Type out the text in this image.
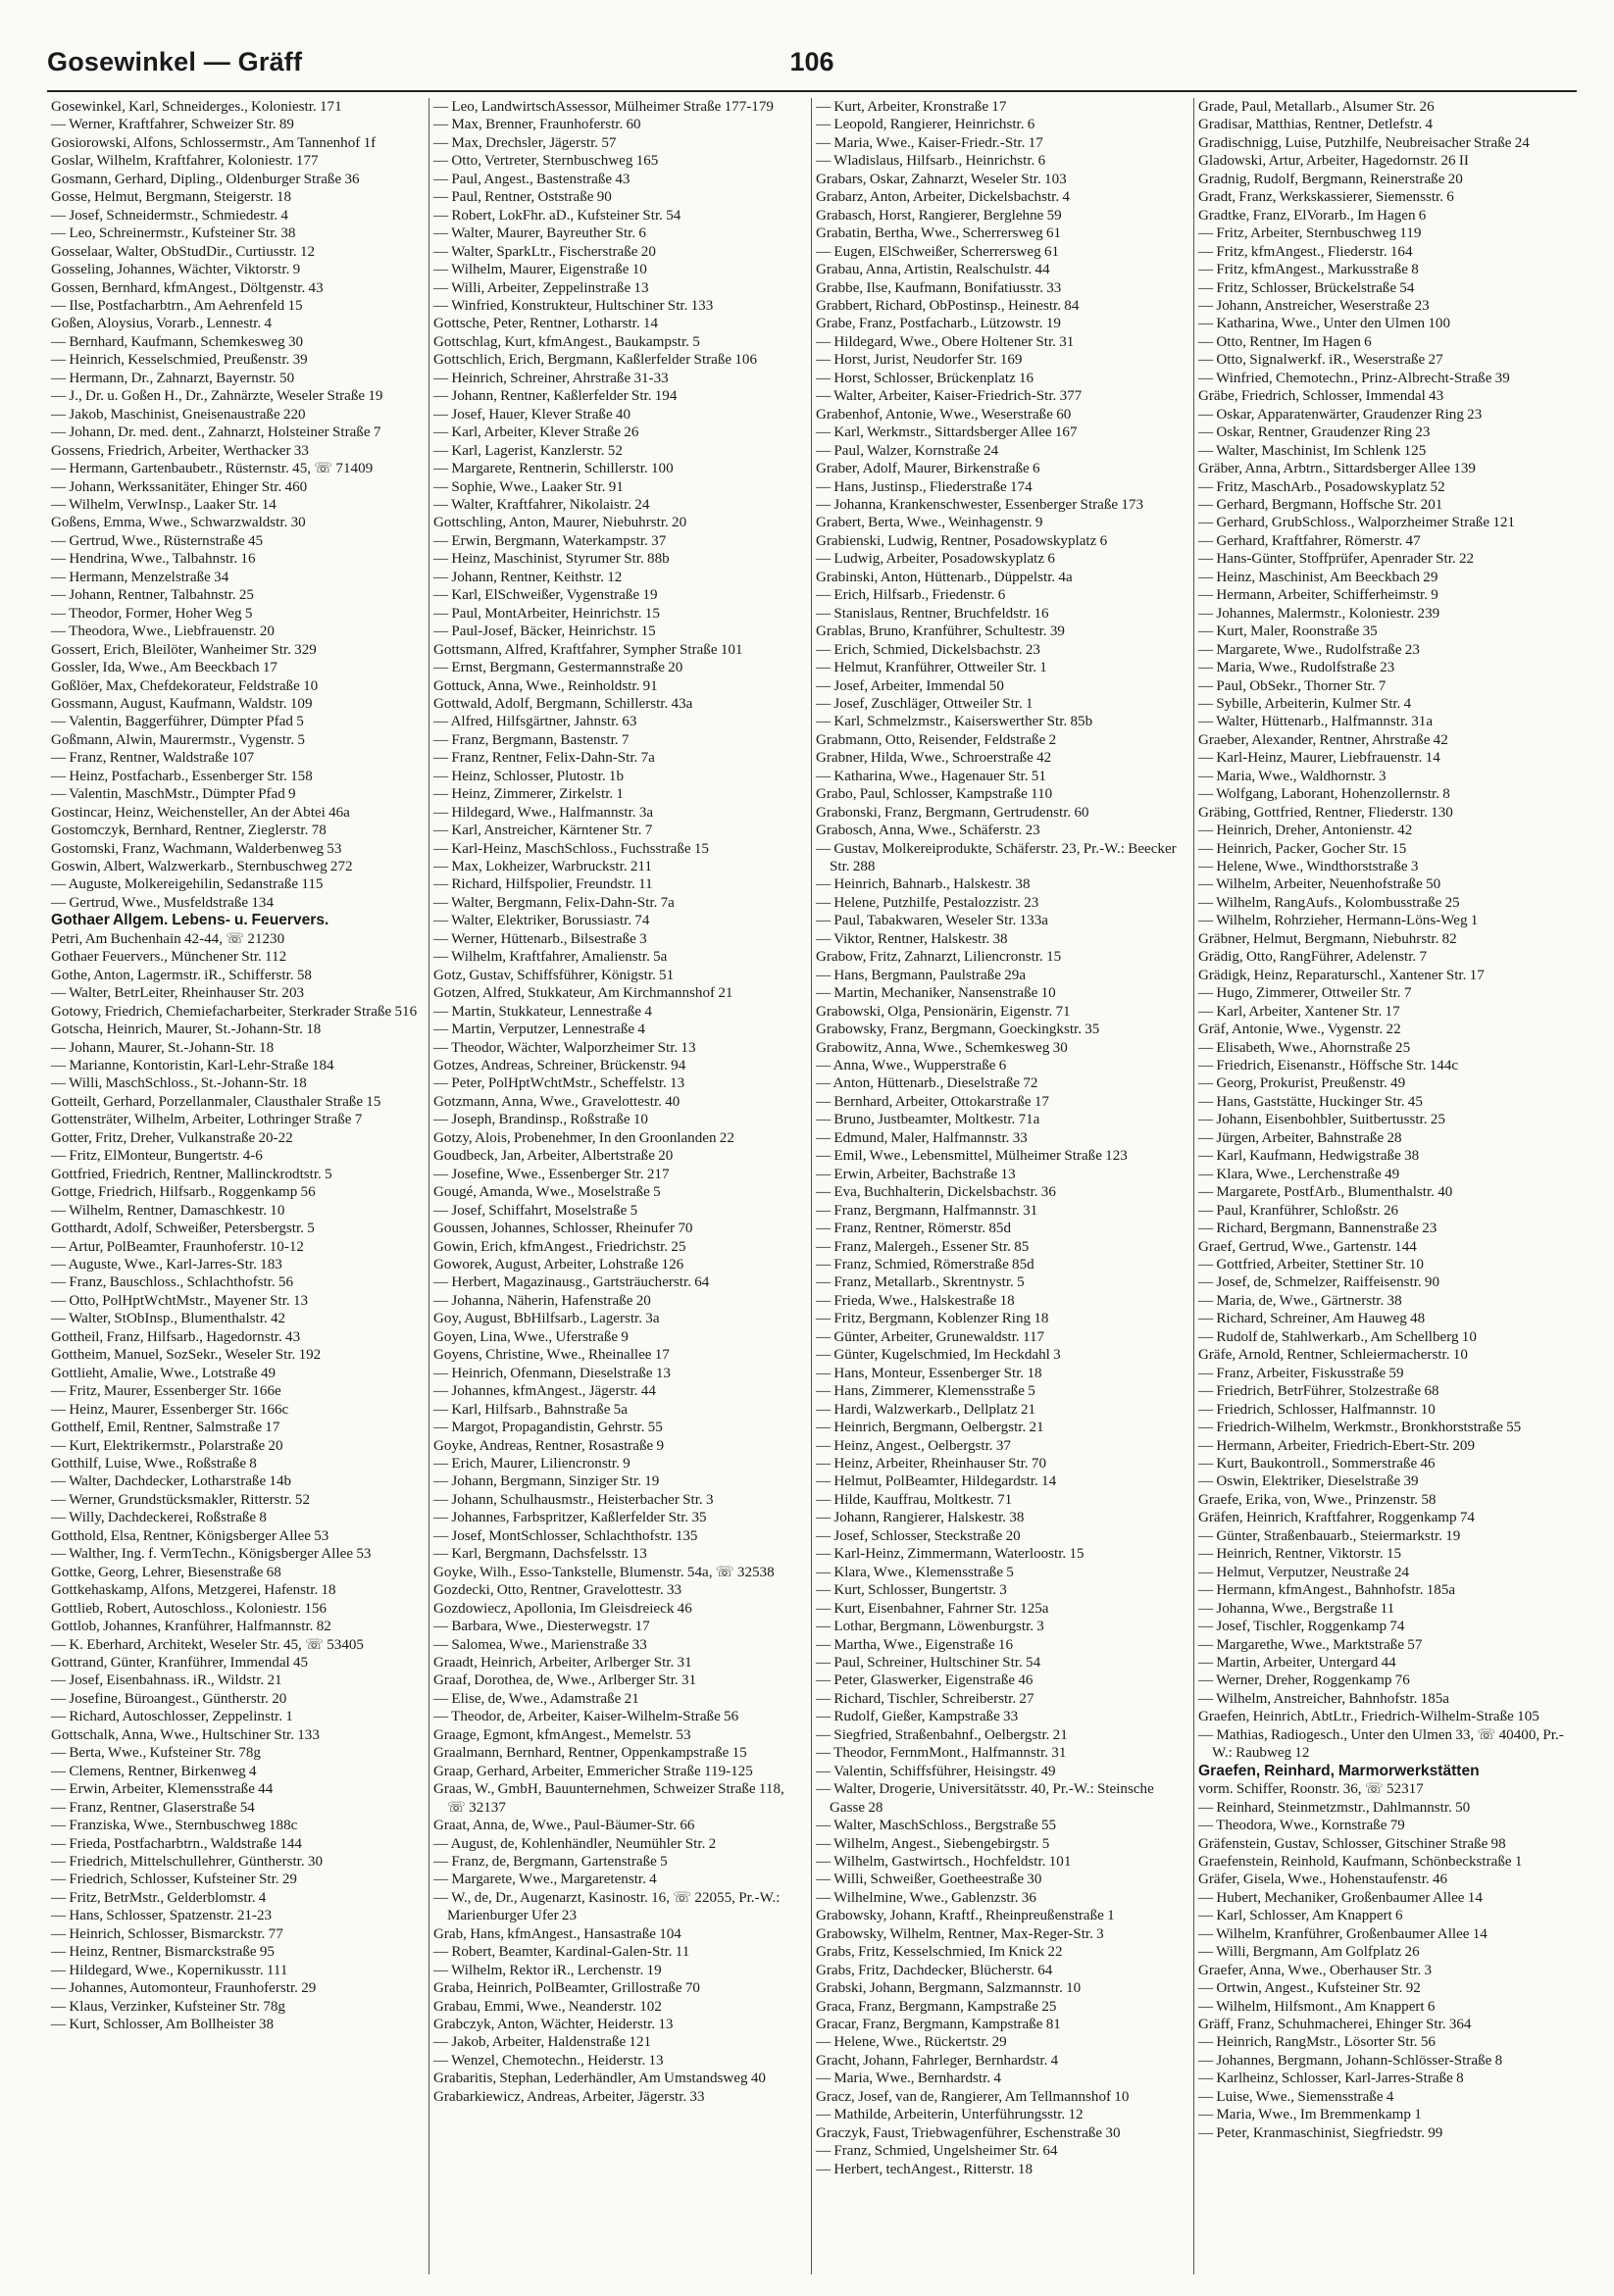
106
Gosewinkel — Gräff
Gosewinkel, Karl, Schneiderges., Koloniestr. 171
— Werner, Kraftfahrer, Schweizer Str. 89
Gosiorowski, Alfons, Schlossermstr., Am Tannenhof 1f
Goslar, Wilhelm, Kraftfahrer, Koloniestr. 177
Gosmann, Gerhard, Dipling., Oldenburger Straße 36
Gosse, Helmut, Bergmann, Steigerstr. 18
— Josef, Schneidermstr., Schmiedestr. 4
— Leo, Schreinermstr., Kufsteiner Str. 38
Gosselaar, Walter, ObStudDir., Curtiusstr. 12
Gosseling, Johannes, Wächter, Viktorstr. 9
Gossen, Bernhard, kfmAngest., Döltgenstr. 43
— Ilse, Postfacharbtrn., Am Aehrenfeld 15
Goßen, Aloysius, Vorarb., Lennestr. 4
— Bernhard, Kaufmann, Schemkesweg 30
— Heinrich, Kesselschmied, Preußenstr. 39
— Hermann, Dr., Zahnarzt, Bayernstr. 50
— J., Dr. u. Goßen H., Dr., Zahnärzte, Weseler Straße 19
— Jakob, Maschinist, Gneisenaustraße 220
— Johann, Dr. med. dent., Zahnarzt, Holsteiner Straße 7
Gossens, Friedrich, Arbeiter, Werthacker 33
— Hermann, Gartenbaubetr., Rüsternstr. 45, ☏ 71409
— Johann, Werkssanitäter, Ehinger Str. 460
— Wilhelm, VerwInsp., Laaker Str. 14
Goßens, Emma, Wwe., Schwarzwaldstr. 30
— Gertrud, Wwe., Rüsternstraße 45
— Hendrina, Wwe., Talbahnstr. 16
— Hermann, Menzelstraße 34
— Johann, Rentner, Talbahnstr. 25
— Theodor, Former, Hoher Weg 5
— Theodora, Wwe., Liebfrauenstr. 20
Gossert, Erich, Bleilöter, Wanheimer Str. 329
Gossler, Ida, Wwe., Am Beeckbach 17
Goßlöer, Max, Chefdekorateur, Feldstraße 10
Gossmann, August, Kaufmann, Waldstr. 109
— Valentin, Baggerführer, Dümpter Pfad 5
Goßmann, Alwin, Maurermstr., Vygenstr. 5
— Franz, Rentner, Waldstraße 107
— Heinz, Postfacharb., Essenberger Str. 158
— Valentin, MaschMstr., Dümpter Pfad 9
Gostincar, Heinz, Weichensteller, An der Abtei 46a
Gostomczyk, Bernhard, Rentner, Zieglerstr. 78
Gostomski, Franz, Wachmann, Walderbenweg 53
Goswin, Albert, Walzwerkarb., Sternbuschweg 272
— Auguste, Molkereigehilin, Sedanstraße 115
— Gertrud, Wwe., Musfeldstraße 134
Gothaer Allgem. Lebens- u. Feuervers.
Petri, Am Buchenhain 42-44, ☏ 21230
Gothaer Feuervers., Münchener Str. 112
Gothe, Anton, Lagermstr. iR., Schifferstr. 58
— Walter, BetrLeiter, Rheinhauser Str. 203
Gotowy, Friedrich, Chemiefacharbeiter, Sterkrader Straße 516
Gotscha, Heinrich, Maurer, St.-Johann-Str. 18
— Johann, Maurer, St.-Johann-Str. 18
— Marianne, Kontoristin, Karl-Lehr-Straße 184
— Willi, MaschSchloss., St.-Johann-Str. 18
Gotteilt, Gerhard, Porzellanmaler, Clausthaler Straße 15
Gottensträter, Wilhelm, Arbeiter, Lothringer Straße 7
Gotter, Fritz, Dreher, Vulkanstraße 20-22
— Fritz, ElMonteur, Bungertstr. 4-6
Gottfried, Friedrich, Rentner, Mallinckrodtstr. 5
Gottge, Friedrich, Hilfsarb., Roggenkamp 56
— Wilhelm, Rentner, Damaschkestr. 10
Gotthardt, Adolf, Schweißer, Petersbergstr. 5
— Artur, PolBeamter, Fraunhoferstr. 10-12
— Auguste, Wwe., Karl-Jarres-Str. 183
— Franz, Bauschloss., Schlachthofstr. 56
— Otto, PolHptWchtMstr., Mayener Str. 13
— Walter, StObInsp., Blumenthalstr. 42
Gottheil, Franz, Hilfsarb., Hagedornstr. 43
Gottheim, Manuel, SozSekr., Weseler Str. 192
Gottlieht, Amalie, Wwe., Lotstraße 49
— Fritz, Maurer, Essenberger Str. 166e
— Heinz, Maurer, Essenberger Str. 166c
Gotthelf, Emil, Rentner, Salmstraße 17
— Kurt, Elektrikermstr., Polarstraße 20
Gotthilf, Luise, Wwe., Roßstraße 8
— Walter, Dachdecker, Lotharstraße 14b
— Werner, Grundstücksmakler, Ritterstr. 52
— Willy, Dachdeckerei, Roßstraße 8
Gotthold, Elsa, Rentner, Königsberger Allee 53
— Walther, Ing. f. VermTechn., Königsberger Allee 53
Gottke, Georg, Lehrer, Biesenstraße 68
Gottkehaskamp, Alfons, Metzgerei, Hafenstr. 18
Gottlieb, Robert, Autoschloss., Koloniestr. 156
Gottlob, Johannes, Kranführer, Halfmannstr. 82
— K. Eberhard, Architekt, Weseler Str. 45, ☏ 53405
Gottrand, Günter, Kranführer, Immendal 45
— Josef, Eisenbahnass. iR., Wildstr. 21
— Josefine, Büroangest., Güntherstr. 20
— Richard, Autoschlosser, Zeppelinstr. 1
Gottschalk, Anna, Wwe., Hultschiner Str. 133
— Berta, Wwe., Kufsteiner Str. 78g
— Clemens, Rentner, Birkenweg 4
— Erwin, Arbeiter, Klemensstraße 44
— Franz, Rentner, Glaserstraße 54
— Franziska, Wwe., Sternbuschweg 188c
— Frieda, Postfacharbtrn., Waldstraße 144
— Friedrich, Mittelschullehrer, Güntherstr. 30
— Friedrich, Schlosser, Kufsteiner Str. 29
— Fritz, BetrMstr., Gelderblomstr. 4
— Hans, Schlosser, Spatzenstr. 21-23
— Heinrich, Schlosser, Bismarckstr. 77
— Heinz, Rentner, Bismarckstraße 95
— Hildegard, Wwe., Kopernikusstr. 111
— Johannes, Automonteur, Fraunhoferstr. 29
— Klaus, Verzinker, Kufsteiner Str. 78g
— Kurt, Schlosser, Am Bollheister 38
— Leo, LandwirtschAssessor, Mülheimer Straße 177-179
— Max, Brenner, Fraunhoferstr. 60
— Max, Drechsler, Jägerstr. 57
— Otto, Vertreter, Sternbuschweg 165
— Paul, Angest., Bastenstraße 43
— Paul, Rentner, Oststraße 90
— Robert, LokFhr. aD., Kufsteiner Str. 54
— Walter, Maurer, Bayreuther Str. 6
— Walter, SparkLtr., Fischerstraße 20
— Wilhelm, Maurer, Eigenstraße 10
— Willi, Arbeiter, Zeppelinstraße 13
— Winfried, Konstrukteur, Hultschiner Str. 133
Gottsche, Peter, Rentner, Lotharstr. 14
Gottschlag, Kurt, kfmAngest., Baukampstr. 5
Gottschlich, Erich, Bergmann, Kaßlerfelder Straße 106
— Heinrich, Schreiner, Ahrstraße 31-33
— Johann, Rentner, Kaßlerfelder Str. 194
— Josef, Hauer, Klever Straße 40
— Karl, Arbeiter, Klever Straße 26
— Karl, Lagerist, Kanzlerstr. 52
— Margarete, Rentnerin, Schillerstr. 100
— Sophie, Wwe., Laaker Str. 91
— Walter, Kraftfahrer, Nikolaistr. 24
Gottschling, Anton, Maurer, Niebuhrstr. 20
— Erwin, Bergmann, Waterkampstr. 37
— Heinz, Maschinist, Styrumer Str. 88b
— Johann, Rentner, Keithstr. 12
— Karl, ElSchweißer, Vygenstraße 19
— Paul, MontArbeiter, Heinrichstr. 15
— Paul-Josef, Bäcker, Heinrichstr. 15
Gottsmann, Alfred, Kraftfahrer, Sympher Straße 101
— Ernst, Bergmann, Gestermannstraße 20
Gottuck, Anna, Wwe., Reinholdstr. 91
Gottwald, Adolf, Bergmann, Schillerstr. 43a
— Alfred, Hilfsgärtner, Jahnstr. 63
— Franz, Bergmann, Bastenstr. 7
— Franz, Rentner, Felix-Dahn-Str. 7a
— Heinz, Schlosser, Plutostr. 1b
— Heinz, Zimmerer, Zirkelstr. 1
— Hildegard, Wwe., Halfmannstr. 3a
— Karl, Anstreicher, Kärntener Str. 7
— Karl-Heinz, MaschSchloss., Fuchsstraße 15
— Max, Lokheizer, Warbruckstr. 211
— Richard, Hilfspolier, Freundstr. 11
— Walter, Bergmann, Felix-Dahn-Str. 7a
— Walter, Elektriker, Borussiastr. 74
— Werner, Hüttenarb., Bilsestraße 3
— Wilhelm, Kraftfahrer, Amalienstr. 5a
Gotz, Gustav, Schiffsführer, Königstr. 51
Gotzen, Alfred, Stukkateur, Am Kirchmannshof 21
— Martin, Stukkateur, Lennestraße 4
— Martin, Verputzer, Lennestraße 4
— Theodor, Wächter, Walporzheimer Str. 13
Gotzes, Andreas, Schreiner, Brückenstr. 94
— Peter, PolHptWchtMstr., Scheffelstr. 13
Gotzmann, Anna, Wwe., Gravelottestr. 40
— Joseph, Brandinsp., Roßstraße 10
Gotzy, Alois, Probenehmer, In den Groonlanden 22
Goudbeck, Jan, Arbeiter, Albertstraße 20
— Josefine, Wwe., Essenberger Str. 217
Gougé, Amanda, Wwe., Moselstraße 5
— Josef, Schiffahrt, Moselstraße 5
Goussen, Johannes, Schlosser, Rheinufer 70
Gowin, Erich, kfmAngest., Friedrichstr. 25
Goworek, August, Arbeiter, Lohstraße 126
— Herbert, Magazinausg., Gartsträucherstr. 64
— Johanna, Näherin, Hafenstraße 20
Goy, August, BbHilfsarb., Lagerstr. 3a
Goyen, Lina, Wwe., Uferstraße 9
Goyens, Christine, Wwe., Rheinallee 17
— Heinrich, Ofenmann, Dieselstraße 13
— Johannes, kfmAngest., Jägerstr. 44
— Karl, Hilfsarb., Bahnstraße 5a
— Margot, Propagandistin, Gehrstr. 55
Goyke, Andreas, Rentner, Rosastraße 9
— Erich, Maurer, Liliencronstr. 9
— Johann, Bergmann, Sinziger Str. 19
— Johann, Schulhausmstr., Heisterbacher Str. 3
— Johannes, Farbspritzer, Kaßlerfelder Str. 35
— Josef, MontSchlosser, Schlachthofstr. 135
— Karl, Bergmann, Dachsfelsstr. 13
Goyke, Wilh., Esso-Tankstelle, Blumenstr. 54a, ☏ 32538
Gozdecki, Otto, Rentner, Gravelottestr. 33
Gozdowiecz, Apollonia, Im Gleisdreieck 46
— Barbara, Wwe., Diesterwegstr. 17
— Salomea, Wwe., Marienstraße 33
Graadt, Heinrich, Arbeiter, Arlberger Str. 31
Graaf, Dorothea, de, Wwe., Arlberger Str. 31
— Elise, de, Wwe., Adamstraße 21
— Theodor, de, Arbeiter, Kaiser-Wilhelm-Straße 56
Graage, Egmont, kfmAngest., Memelstr. 53
Graalmann, Bernhard, Rentner, Oppenkampstraße 15
Graap, Gerhard, Arbeiter, Emmericher Straße 119-125
Graas, W., GmbH, Bauunternehmen, Schweizer Straße 118, ☏ 32137
Graat, Anna, de, Wwe., Paul-Bäumer-Str. 66
— August, de, Kohlenhändler, Neumühler Str. 2
— Franz, de, Bergmann, Gartenstraße 5
— Margarete, Wwe., Margaretenstr. 4
— W., de, Dr., Augenarzt, Kasinostr. 16, ☏ 22055, Pr.-W.: Marienburger Ufer 23
Grab, Hans, kfmAngest., Hansastraße 104
— Robert, Beamter, Kardinal-Galen-Str. 11
— Wilhelm, Rektor iR., Lerchenstr. 19
Graba, Heinrich, PolBeamter, Grillostraße 70
Grabau, Emmi, Wwe., Neanderstr. 102
Grabczyk, Anton, Wächter, Heiderstr. 13
— Jakob, Arbeiter, Haldenstraße 121
— Wenzel, Chemotechn., Heiderstr. 13
Grabaritis, Stephan, Lederhändler, Am Umstandsweg 40
Grabarkiewicz, Andreas, Arbeiter, Jägerstr. 33
— Kurt, Arbeiter, Kronstraße 17
— Leopold, Rangierer, Heinrichstr. 6
— Maria, Wwe., Kaiser-Friedr.-Str. 17
— Wladislaus, Hilfsarb., Heinrichstr. 6
Grabars, Oskar, Zahnarzt, Weseler Str. 103
Grabarz, Anton, Arbeiter, Dickelsbachstr. 4
Grabasch, Horst, Rangierer, Berglehne 59
Grabatin, Bertha, Wwe., Scherrersweg 61
— Eugen, ElSchweißer, Scherrersweg 61
Grabau, Anna, Artistin, Realschulstr. 44
Grabbe, Ilse, Kaufmann, Bonifatiusstr. 33
Grabbert, Richard, ObPostinsp., Heinestr. 84
Grabe, Franz, Postfacharb., Lützowstr. 19
— Hildegard, Wwe., Obere Holtener Str. 31
— Horst, Jurist, Neudorfer Str. 169
— Horst, Schlosser, Brückenplatz 16
— Walter, Arbeiter, Kaiser-Friedrich-Str. 377
Grabenhof, Antonie, Wwe., Weserstraße 60
— Karl, Werkmstr., Sittardsberger Allee 167
— Paul, Walzer, Kornstraße 24
Graber, Adolf, Maurer, Birkenstraße 6
— Hans, Justinsp., Fliederstraße 174
— Johanna, Krankenschwester, Essenberger Straße 173
Grabert, Berta, Wwe., Weinhagenstr. 9
Grabienski, Ludwig, Rentner, Posadowskyplatz 6
— Ludwig, Arbeiter, Posadowskyplatz 6
Grabinski, Anton, Hüttenarb., Düppelstr. 4a
— Erich, Hilfsarb., Friedenstr. 6
— Stanislaus, Rentner, Bruchfeldstr. 16
Grablas, Bruno, Kranführer, Schultestr. 39
— Erich, Schmied, Dickelsbachstr. 23
— Helmut, Kranführer, Ottweiler Str. 1
— Josef, Arbeiter, Immendal 50
— Josef, Zuschläger, Ottweiler Str. 1
— Karl, Schmelzmstr., Kaiserswerther Str. 85b
Grabmann, Otto, Reisender, Feldstraße 2
Grabner, Hilda, Wwe., Schroerstraße 42
— Katharina, Wwe., Hagenauer Str. 51
Grabo, Paul, Schlosser, Kampstraße 110
Grabonski, Franz, Bergmann, Gertrudenstr. 60
Grabosch, Anna, Wwe., Schäferstr. 23
— Gustav, Molkereiprodukte, Schäferstr. 23, Pr.-W.: Beecker Str. 288
— Heinrich, Bahnarb., Halskestr. 38
— Helene, Putzhilfe, Pestalozzistr. 23
— Paul, Tabakwaren, Weseler Str. 133a
— Viktor, Rentner, Halskestr. 38
Grabow, Fritz, Zahnarzt, Liliencronstr. 15
— Hans, Bergmann, Paulstraße 29a
— Martin, Mechaniker, Nansenstraße 10
Grabowski, Olga, Pensionärin, Eigenstr. 71
Grabowsky, Franz, Bergmann, Goeckingkstr. 35
Grabowitz, Anna, Wwe., Schemkesweg 30
— Anna, Wwe., Wupperstraße 6
— Anton, Hüttenarb., Dieselstraße 72
— Bernhard, Arbeiter, Ottokarstraße 17
— Bruno, Justbeamter, Moltkestr. 71a
— Edmund, Maler, Halfmannstr. 33
— Emil, Wwe., Lebensmittel, Mülheimer Straße 123
— Erwin, Arbeiter, Bachstraße 13
— Eva, Buchhalterin, Dickelsbachstr. 36
— Franz, Bergmann, Halfmannstr. 31
— Franz, Rentner, Römerstr. 85d
— Franz, Malergeh., Essener Str. 85
— Franz, Schmied, Römerstraße 85d
— Franz, Metallarb., Skrentnystr. 5
— Frieda, Wwe., Halskestraße 18
— Fritz, Bergmann, Koblenzer Ring 18
— Günter, Arbeiter, Grunewaldstr. 117
— Günter, Kugelschmied, Im Heckdahl 3
— Hans, Monteur, Essenberger Str. 18
— Hans, Zimmerer, Klemensstraße 5
— Hardi, Walzwerkarb., Dellplatz 21
— Heinrich, Bergmann, Oelbergstr. 21
— Heinz, Angest., Oelbergstr. 37
— Heinz, Arbeiter, Rheinhauser Str. 70
— Helmut, PolBeamter, Hildegardstr. 14
— Hilde, Kauffrau, Moltkestr. 71
— Johann, Rangierer, Halskestr. 38
— Josef, Schlosser, Steckstraße 20
— Karl-Heinz, Zimmermann, Waterloostr. 15
— Klara, Wwe., Klemensstraße 5
— Kurt, Schlosser, Bungertstr. 3
— Kurt, Eisenbahner, Fahrner Str. 125a
— Lothar, Bergmann, Löwenburgstr. 3
— Martha, Wwe., Eigenstraße 16
— Paul, Schreiner, Hultschiner Str. 54
— Peter, Glaswerker, Eigenstraße 46
— Richard, Tischler, Schreiberstr. 27
— Rudolf, Gießer, Kampstraße 33
— Siegfried, Straßenbahnf., Oelbergstr. 21
— Theodor, FernmMont., Halfmannstr. 31
— Valentin, Schiffsführer, Heisingstr. 49
— Walter, Drogerie, Universitätsstr. 40, Pr.-W.: Steinsche Gasse 28
— Walter, MaschSchloss., Bergstraße 55
— Wilhelm, Angest., Siebengebirgstr. 5
— Wilhelm, Gastwirtsch., Hochfeldstr. 101
— Willi, Schweißer, Goetheestraße 30
— Wilhelmine, Wwe., Gablenzstr. 36
Grabowsky, Johann, Kraftf., Rheinpreußenstraße 1
Grabowsky, Wilhelm, Rentner, Max-Reger-Str. 3
Grabs, Fritz, Kesselschmied, Im Knick 22
Grabs, Fritz, Dachdecker, Blücherstr. 64
Grabski, Johann, Bergmann, Salzmannstr. 10
Graca, Franz, Bergmann, Kampstraße 25
Gracar, Franz, Bergmann, Kampstraße 81
— Helene, Wwe., Rückertstr. 29
Gracht, Johann, Fahrleger, Bernhardstr. 4
— Maria, Wwe., Bernhardstr. 4
Gracz, Josef, van de, Rangierer, Am Tellmannshof 10
— Mathilde, Arbeiterin, Unterführungsstr. 12
Graczyk, Faust, Triebwagenführer, Eschenstraße 30
— Franz, Schmied, Ungelsheimer Str. 64
— Herbert, techAngest., Ritterstr. 18
Grade, Paul, Metallarb., Alsumer Str. 26
Gradisar, Matthias, Rentner, Detlefstr. 4
Gradischnigg, Luise, Putzhilfe, Neubreisacher Straße 24
Gladowski, Artur, Arbeiter, Hagedornstr. 26 II
Gradnig, Rudolf, Bergmann, Reinerstraße 20
Gradt, Franz, Werkskassierer, Siemensstr. 6
Gradtke, Franz, ElVorarb., Im Hagen 6
— Fritz, Arbeiter, Sternbuschweg 119
— Fritz, kfmAngest., Fliederstr. 164
— Fritz, kfmAngest., Markusstraße 8
— Fritz, Schlosser, Brückelstraße 54
— Johann, Anstreicher, Weserstraße 23
— Katharina, Wwe., Unter den Ulmen 100
— Otto, Rentner, Im Hagen 6
— Otto, Signalwerkf. iR., Weserstraße 27
— Winfried, Chemotechn., Prinz-Albrecht-Straße 39
Gräbe, Friedrich, Schlosser, Immendal 43
— Oskar, Apparatenwärter, Graudenzer Ring 23
— Oskar, Rentner, Graudenzer Ring 23
— Walter, Maschinist, Im Schlenk 125
Gräber, Anna, Arbtrn., Sittardsberger Allee 139
— Fritz, MaschArb., Posadowskyplatz 52
— Gerhard, Bergmann, Hoffsche Str. 201
— Gerhard, GrubSchloss., Walporzheimer Straße 121
— Gerhard, Kraftfahrer, Römerstr. 47
— Hans-Günter, Stoffprüfer, Apenrader Str. 22
— Heinz, Maschinist, Am Beeckbach 29
— Hermann, Arbeiter, Schifferheimstr. 9
— Johannes, Malermstr., Koloniestr. 239
— Kurt, Maler, Roonstraße 35
— Margarete, Wwe., Rudolfstraße 23
— Maria, Wwe., Rudolfstraße 23
— Paul, ObSekr., Thorner Str. 7
— Sybille, Arbeiterin, Kulmer Str. 4
— Walter, Hüttenarb., Halfmannstr. 31a
Graeber, Alexander, Rentner, Ahrstraße 42
— Karl-Heinz, Maurer, Liebfrauenstr. 14
— Maria, Wwe., Waldhornstr. 3
— Wolfgang, Laborant, Hohenzollernstr. 8
Gräbing, Gottfried, Rentner, Fliederstr. 130
— Heinrich, Dreher, Antonienstr. 42
— Heinrich, Packer, Gocher Str. 15
— Helene, Wwe., Windthorststraße 3
— Wilhelm, Arbeiter, Neuenhofstraße 50
— Wilhelm, RangAufs., Kolombusstraße 25
— Wilhelm, Rohrzieher, Hermann-Löns-Weg 1
Gräbner, Helmut, Bergmann, Niebuhrstr. 82
Grädig, Otto, RangFührer, Adelenstr. 7
Grädigk, Heinz, Reparaturschl., Xantener Str. 17
— Hugo, Zimmerer, Ottweiler Str. 7
— Karl, Arbeiter, Xantener Str. 17
Gräf, Antonie, Wwe., Vygenstr. 22
— Elisabeth, Wwe., Ahornstraße 25
— Friedrich, Eisenanstr., Höffsche Str. 144c
— Georg, Prokurist, Preußenstr. 49
— Hans, Gaststätte, Huckinger Str. 45
— Johann, Eisenbohbler, Suitbertusstr. 25
— Jürgen, Arbeiter, Bahnstraße 28
— Karl, Kaufmann, Hedwigstraße 38
— Klara, Wwe., Lerchenstraße 49
— Margarete, PostfArb., Blumenthalstr. 40
— Paul, Kranführer, Schloßstr. 26
— Richard, Bergmann, Bannenstraße 23
Graef, Gertrud, Wwe., Gartenstr. 144
— Gottfried, Arbeiter, Stettiner Str. 10
— Josef, de, Schmelzer, Raiffeisenstr. 90
— Maria, de, Wwe., Gärtnerstr. 38
— Richard, Schreiner, Am Hauweg 48
— Rudolf de, Stahlwerkarb., Am Schellberg 10
Gräfe, Arnold, Rentner, Schleiermacherstr. 10
— Franz, Arbeiter, Fiskusstraße 59
— Friedrich, BetrFührer, Stolzestraße 68
— Friedrich, Schlosser, Halfmannstr. 10
— Friedrich-Wilhelm, Werkmstr., Bronkhorststraße 55
— Hermann, Arbeiter, Friedrich-Ebert-Str. 209
— Kurt, Baukontroll., Sommerstraße 46
— Oswin, Elektriker, Dieselstraße 39
Graefe, Erika, von, Wwe., Prinzenstr. 58
Gräfen, Heinrich, Kraftfahrer, Roggenkamp 74
— Günter, Straßenbauarb., Steiermarkstr. 19
— Heinrich, Rentner, Viktorstr. 15
— Helmut, Verputzer, Neustraße 24
— Hermann, kfmAngest., Bahnhofstr. 185a
— Johanna, Wwe., Bergstraße 11
— Josef, Tischler, Roggenkamp 74
— Margarethe, Wwe., Marktstraße 57
— Martin, Arbeiter, Untergard 44
— Werner, Dreher, Roggenkamp 76
— Wilhelm, Anstreicher, Bahnhofstr. 185a
Graefen, Heinrich, AbtLtr., Friedrich-Wilhelm-Straße 105
— Mathias, Radiogesch., Unter den Ulmen 33, ☏ 40400, Pr.-W.: Raubweg 12
Graefen, Reinhard, Marmorwerkstätten
vorm. Schiffer, Roonstr. 36, ☏ 52317
— Reinhard, Steinmetzmstr., Dahlmannstr. 50
— Theodora, Wwe., Kornstraße 79
Gräfenstein, Gustav, Schlosser, Gitschiner Straße 98
Graefenstein, Reinhold, Kaufmann, Schönbeckstraße 1
Gräfer, Gisela, Wwe., Hohenstaufenstr. 46
— Hubert, Mechaniker, Großenbaumer Allee 14
— Karl, Schlosser, Am Knappert 6
— Wilhelm, Kranführer, Großenbaumer Allee 14
— Willi, Bergmann, Am Golfplatz 26
Graefer, Anna, Wwe., Oberhauser Str. 3
— Ortwin, Angest., Kufsteiner Str. 92
— Wilhelm, Hilfsmont., Am Knappert 6
Gräff, Franz, Schuhmacherei, Ehinger Str. 364
— Heinrich, RangMstr., Lösorter Str. 56
— Johannes, Bergmann, Johann-Schlösser-Straße 8
— Karlheinz, Schlosser, Karl-Jarres-Straße 8
— Luise, Wwe., Siemensstraße 4
— Maria, Wwe., Im Bremmenkamp 1
— Peter, Kranmaschinist, Siegfriedstr. 99
